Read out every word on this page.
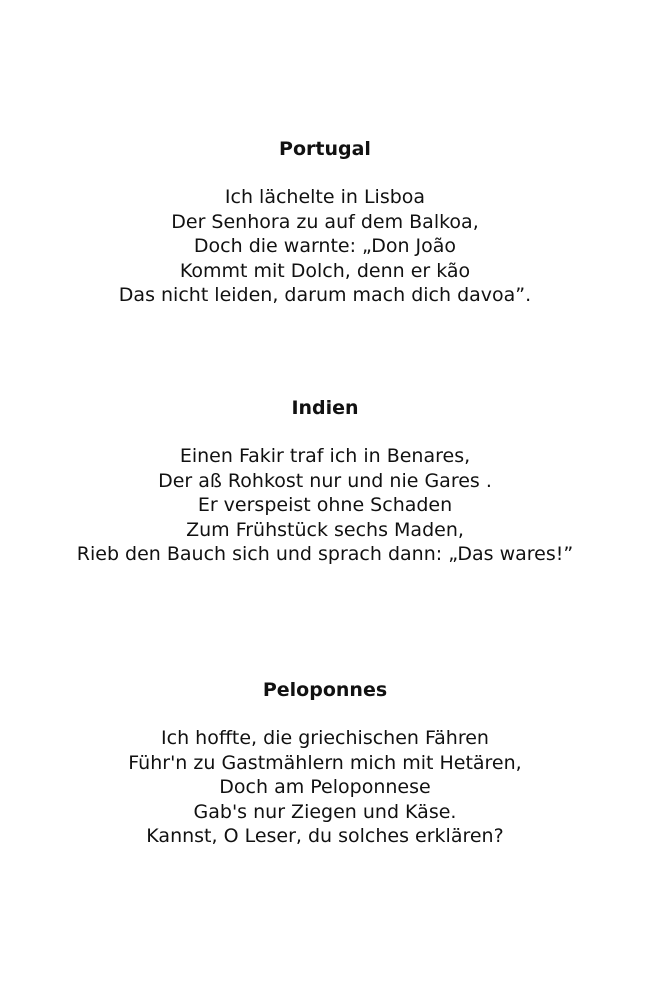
Portugal
Ich lächelte in Lisboa
Der Senhora zu auf dem Balkoa,
Doch die warnte: „Don João
Kommt mit Dolch, denn er kão
Das nicht leiden, darum mach dich davoa”.
Indien
Einen Fakir traf ich in Benares,
Der aß Rohkost nur und nie Gares .
Er verspeist ohne Schaden
Zum Frühstück sechs Maden,
Rieb den Bauch sich und sprach dann: „Das wares!”
Peloponnes
Ich hoffte, die griechischen Fähren
Führ'n zu Gastmählern mich mit Hetären,
Doch am Peloponnese
Gab's nur Ziegen und Käse.
Kannst, O Leser, du solches erklären?
